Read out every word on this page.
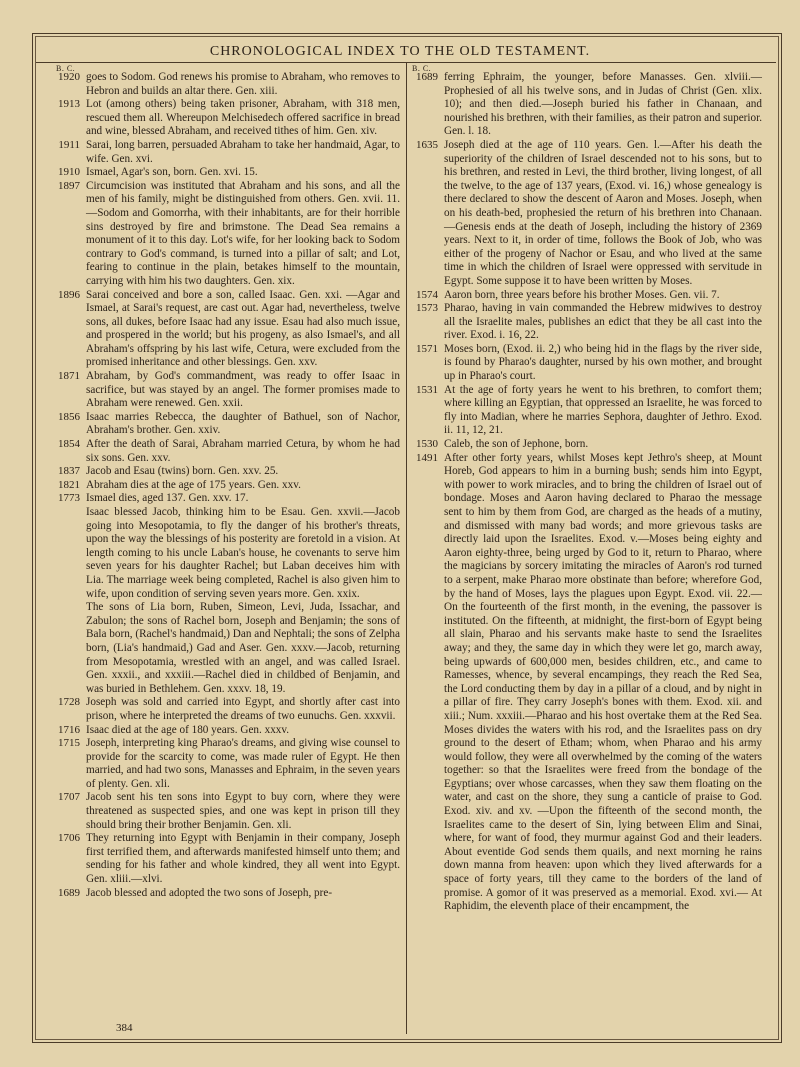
CHRONOLOGICAL INDEX TO THE OLD TESTAMENT.
B. C.	B. C.
1920 goes to Sodom. God renews his promise to Abraham, who removes to Hebron and builds an altar there. Gen. xiii.

1913 Lot (among others) being taken prisoner, Abraham, with 318 men, rescued them all. Whereupon Melchisedech offered sacrifice in bread and wine, blessed Abraham, and received tithes of him. Gen. xiv.

1911 Sarai, long barren, persuaded Abraham to take her handmaid, Agar, to wife. Gen. xvi.

1910 Ismael, Agar's son, born. Gen. xvi. 15.

1897 Circumcision was instituted that Abraham and his sons, and all the men of his family, might be distinguished from others. Gen. xvii. 11.—Sodom and Gomorrha, with their inhabitants, are for their horrible sins destroyed by fire and brimstone. The Dead Sea remains a monument of it to this day. Lot's wife, for her looking back to Sodom contrary to God's command, is turned into a pillar of salt; and Lot, fearing to continue in the plain, betakes himself to the mountain, carrying with him his two daughters. Gen. xix.

1896 Sarai conceived and bore a son, called Isaac. Gen. xxi. —Agar and Ismael, at Sarai's request, are cast out. Agar had, nevertheless, twelve sons, all dukes, before Isaac had any issue. Esau had also much issue, and prospered in the world; but his progeny, as also Ismael's, and all Abraham's offspring by his last wife, Cetura, were excluded from the promised inheritance and other blessings. Gen. xxv.

1871 Abraham, by God's commandment, was ready to offer Isaac in sacrifice, but was stayed by an angel. The former promises made to Abraham were renewed. Gen. xxii.

1856 Isaac marries Rebecca, the daughter of Bathuel, son of Nachor, Abraham's brother. Gen. xxiv.

1854 After the death of Sarai, Abraham married Cetura, by whom he had six sons. Gen. xxv.

1837 Jacob and Esau (twins) born. Gen. xxv. 25.

1821 Abraham dies at the age of 175 years. Gen. xxv.

1773 Ismael dies, aged 137. Gen. xxv. 17.

Isaac blessed Jacob, thinking him to be Esau. Gen. xxvii.—Jacob going into Mesopotamia, to fly the danger of his brother's threats, upon the way the blessings of his posterity are foretold in a vision. At length coming to his uncle Laban's house, he covenants to serve him seven years for his daughter Rachel; but Laban deceives him with Lia. The marriage week being completed, Rachel is also given him to wife, upon condition of serving seven years more. Gen. xxix.

The sons of Lia born, Ruben, Simeon, Levi, Juda, Issachar, and Zabulon; the sons of Rachel born, Joseph and Benjamin; the sons of Bala born, (Rachel's handmaid,) Dan and Nephtali; the sons of Zelpha born, (Lia's handmaid,) Gad and Aser. Gen. xxxv.—Jacob, returning from Mesopotamia, wrestled with an angel, and was called Israel. Gen. xxxii., and xxxiii.—Rachel died in childbed of Benjamin, and was buried in Bethlehem. Gen. xxxv. 18, 19.

1728 Joseph was sold and carried into Egypt, and shortly after cast into prison, where he interpreted the dreams of two eunuchs. Gen. xxxvii.

1716 Isaac died at the age of 180 years. Gen. xxxv.

1715 Joseph, interpreting king Pharao's dreams, and giving wise counsel to provide for the scarcity to come, was made ruler of Egypt. He then married, and had two sons, Manasses and Ephraim, in the seven years of plenty. Gen. xli.

1707 Jacob sent his ten sons into Egypt to buy corn, where they were threatened as suspected spies, and one was kept in prison till they should bring their brother Benjamin. Gen. xli.

1706 They returning into Egypt with Benjamin in their company, Joseph first terrified them, and afterwards manifested himself unto them; and sending for his father and whole kindred, they all went into Egypt. Gen. xliii.—xlvi.

1689 Jacob blessed and adopted the two sons of Joseph, pre-

1689 ferring Ephraim, the younger, before Manasses. Gen. xlviii.—Prophesied of all his twelve sons, and in Judas of Christ (Gen. xlix. 10); and then died.—Joseph buried his father in Chanaan, and nourished his brethren, with their families, as their patron and superior. Gen. l. 18.

1635 Joseph died at the age of 110 years. Gen. l.—After his death the superiority of the children of Israel descended not to his sons, but to his brethren, and rested in Levi, the third brother, living longest, of all the twelve, to the age of 137 years, (Exod. vi. 16,) whose genealogy is there declared to show the descent of Aaron and Moses. Joseph, when on his death-bed, prophesied the return of his brethren into Chanaan.—Genesis ends at the death of Joseph, including the history of 2369 years. Next to it, in order of time, follows the Book of Job, who was either of the progeny of Nachor or Esau, and who lived at the same time in which the children of Israel were oppressed with servitude in Egypt. Some suppose it to have been written by Moses.

1574 Aaron born, three years before his brother Moses. Gen. vii. 7.

1573 Pharao, having in vain commanded the Hebrew midwives to destroy all the Israelite males, publishes an edict that they be all cast into the river. Exod. i. 16, 22.

1571 Moses born, (Exod. ii. 2,) who being hid in the flags by the river side, is found by Pharao's daughter, nursed by his own mother, and brought up in Pharao's court.

1531 At the age of forty years he went to his brethren, to comfort them; where killing an Egyptian, that oppressed an Israelite, he was forced to fly into Madian, where he marries Sephora, daughter of Jethro. Exod. ii. 11, 12, 21.

1530 Caleb, the son of Jephone, born.

1491 After other forty years, whilst Moses kept Jethro's sheep, at Mount Horeb, God appears to him in a burning bush; sends him into Egypt, with power to work miracles, and to bring the children of Israel out of bondage. Moses and Aaron having declared to Pharao the message sent to him by them from God, are charged as the heads of a mutiny, and dismissed with many bad words; and more grievous tasks are directly laid upon the Israelites. Exod. v.—Moses being eighty and Aaron eighty-three, being urged by God to it, return to Pharao, where the magicians by sorcery imitating the miracles of Aaron's rod turned to a serpent, make Pharao more obstinate than before; wherefore God, by the hand of Moses, lays the plagues upon Egypt. Exod. vii. 22.—On the fourteenth of the first month, in the evening, the passover is instituted. On the fifteenth, at midnight, the first-born of Egypt being all slain, Pharao and his servants make haste to send the Israelites away; and they, the same day in which they were let go, march away, being upwards of 600,000 men, besides children, etc., and came to Ramesses, whence, by several encampings, they reach the Red Sea, the Lord conducting them by day in a pillar of a cloud, and by night in a pillar of fire. They carry Joseph's bones with them. Exod. xii. and xiii.; Num. xxxiii.—Pharao and his host overtake them at the Red Sea. Moses divides the waters with his rod, and the Israelites pass on dry ground to the desert of Etham; whom, when Pharao and his army would follow, they were all overwhelmed by the coming of the waters together: so that the Israelites were freed from the bondage of the Egyptians; over whose carcasses, when they saw them floating on the water, and cast on the shore, they sung a canticle of praise to God. Exod. xiv. and xv. —Upon the fifteenth of the second month, the Israelites came to the desert of Sin, lying between Elim and Sinai, where, for want of food, they murmur against God and their leaders. About eventide God sends them quails, and next morning he rains down manna from heaven: upon which they lived afterwards for a space of forty years, till they came to the borders of the land of promise. A gomor of it was preserved as a memorial. Exod. xvi.— At Raphidim, the eleventh place of their encampment, the

384
